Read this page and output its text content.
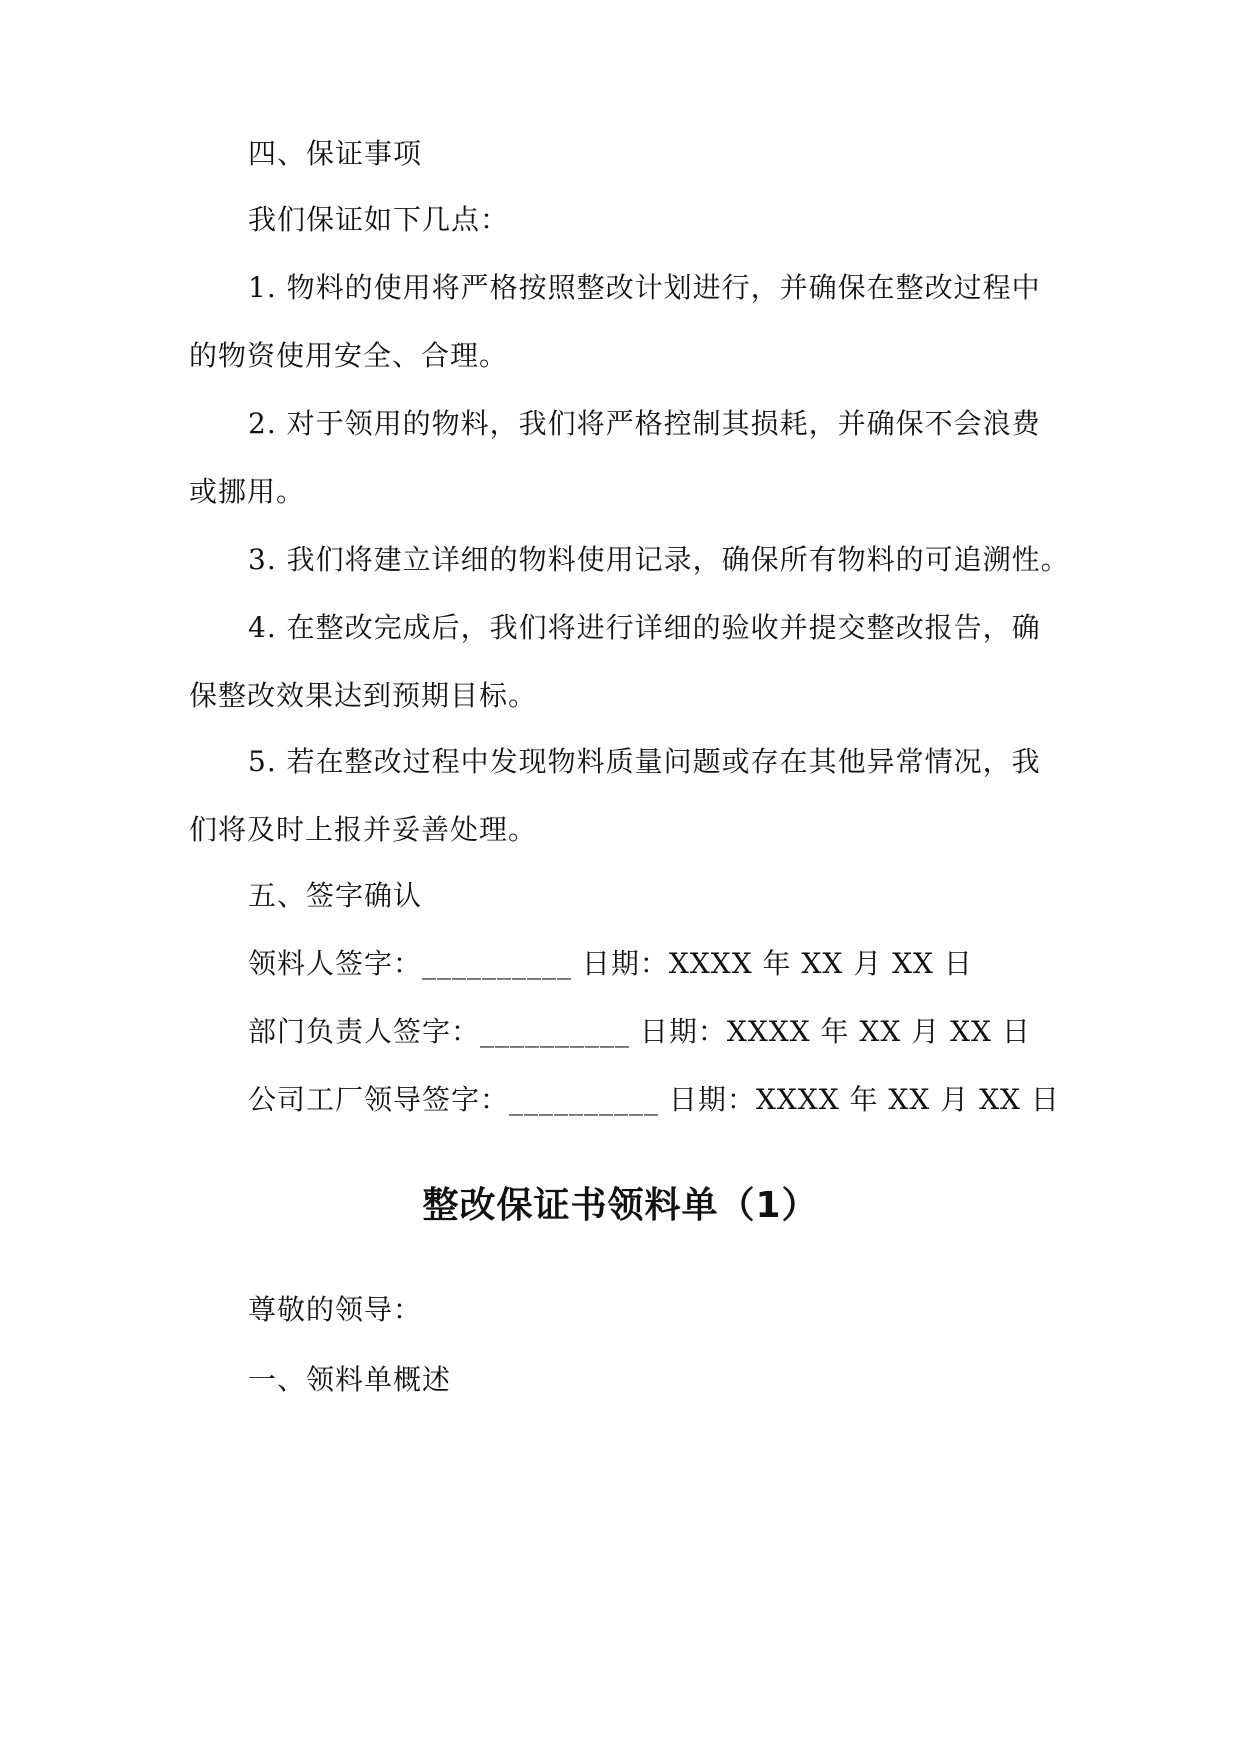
四、保证事项
我们保证如下几点：
1. 物料的使用将严格按照整改计划进行，并确保在整改过程中
的物资使用安全、合理。
2. 对于领用的物料，我们将严格控制其损耗，并确保不会浪费
或挪用。
3. 我们将建立详细的物料使用记录，确保所有物料的可追溯性。
4. 在整改完成后，我们将进行详细的验收并提交整改报告，确
保整改效果达到预期目标。
5. 若在整改过程中发现物料质量问题或存在其他异常情况，我
们将及时上报并妥善处理。
五、签字确认
领料人签字：__________ 日期：XXXX 年 XX 月 XX 日
部门负责人签字：__________ 日期：XXXX 年 XX 月 XX 日
公司工厂领导签字：__________ 日期：XXXX 年 XX 月 XX 日
整改保证书领料单（1）
尊敬的领导：
一、领料单概述
